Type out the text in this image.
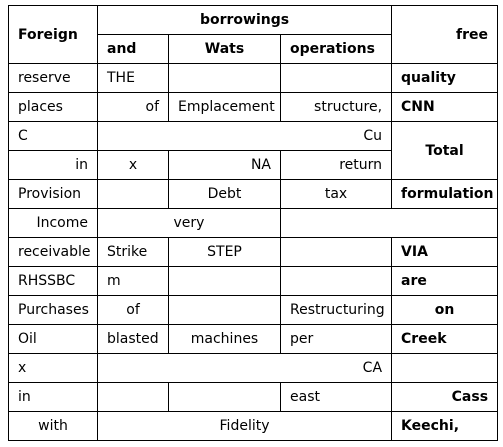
Foreign	borrowings			free
	and	Wats	operations	
reserve	THE			quality
places	of	Emplacement	structure,	CNN
C	Cu			Total
in	x	NA	return	
Provision		Debt	tax	formulation
Income	very			
receivable	Strike	STEP		VIA
RHSSBC	m			are
Purchases	of		Restructuring	on
Oil	blasted	machines	per	Creek
x	CA			
in			east	Cass
with	Fidelity			Keechi,
